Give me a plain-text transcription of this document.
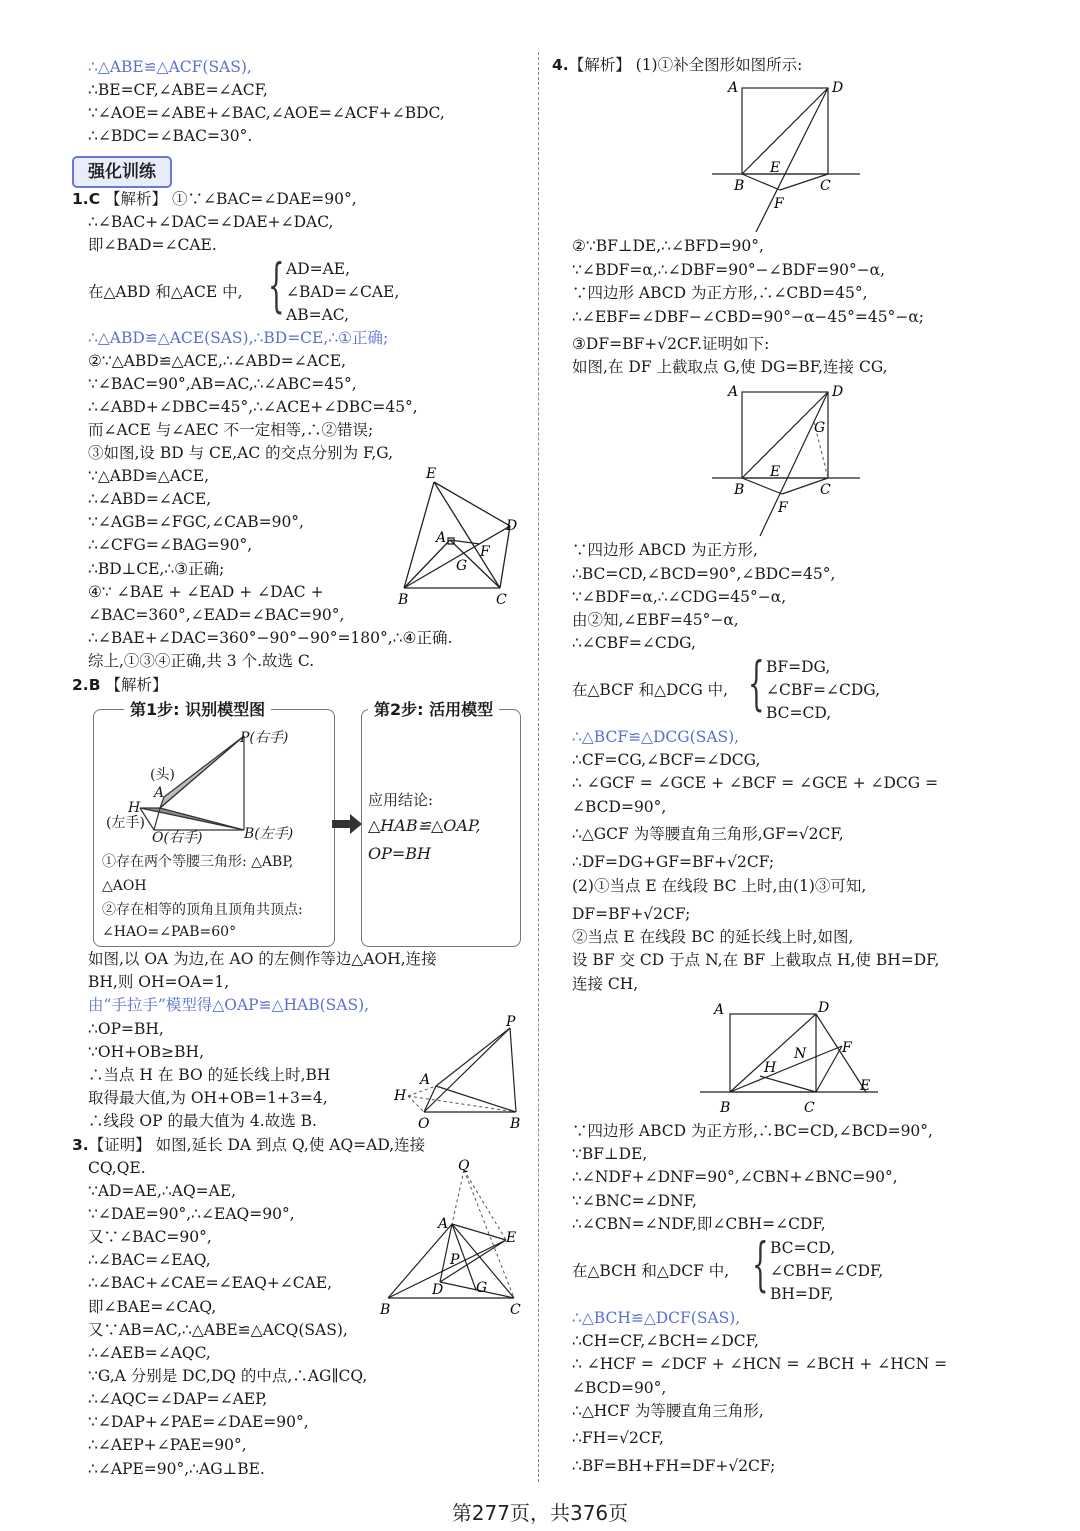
∴△ABE≌△ACF(SAS),
∴BE=CF,∠ABE=∠ACF,
∵∠AOE=∠ABE+∠BAC,∠AOE=∠ACF+∠BDC,
∴∠BDC=∠BAC=30°.
强化训练
1.C 【解析】 ①∵∠BAC=∠DAE=90°,
∴∠BAC+∠DAC=∠DAE+∠DAC,
即∠BAD=∠CAE.
AD=AE,
在△ABD 和△ACE 中, { ∠BAD=∠CAE,
AB=AC,
∴△ABD≌△ACE(SAS),∴BD=CE,∴①正确;
②∵△ABD≌△ACE,∴∠ABD=∠ACE,
∵∠BAC=90°,AB=AC,∴∠ABC=45°,
∴∠ABD+∠DBC=45°,∴∠ACE+∠DBC=45°,
而∠ACE 与∠AEC 不一定相等,∴②错误;
③如图,设 BD 与 CE,AC 的交点分别为 F,G,
∵△ABD≌△ACE,
∴∠ABD=∠ACE,
∵∠AGB=∠FGC,∠CAB=90°,
∴∠CFG=∠BAG=90°,
∴BD⊥CE,∴③正确;
④∵ ∠BAE + ∠EAD + ∠DAC +
∠BAC=360°,∠EAD=∠BAC=90°,
∴∠BAE+∠DAC=360°−90°−90°=180°,∴④正确.
综上,①③④正确,共 3 个.故选 C.
E
D
A
F
G
B	C
2.B 【解析】
第1步: 识别模型图
P(右手)
(头)
A
H
(左手)
O(右手)	B(左手)
①存在两个等腰三角形: △ABP,
△AOH
②存在相等的顶角且顶角共顶点:
∠HAO=∠PAB=60°
第2步: 活用模型
应用结论:
△HAB≌△OAP,
OP=BH
如图,以 OA 为边,在 AO 的左侧作等边△AOH,连接
BH,则 OH=OA=1,
由“手拉手”模型得△OAP≌△HAB(SAS),
∴OP=BH,
∵OH+OB≥BH,
∴当点 H 在 BO 的延长线上时,BH
取得最大值,为 OH+OB=1+3=4,
∴线段 OP 的最大值为 4.故选 B.
P
A
H
O	B
3.【证明】 如图,延长 DA 到点 Q,使 AQ=AD,连接
CQ,QE.
∵AD=AE,∴AQ=AE,
∵∠DAE=90°,∴∠EAQ=90°,
又∵∠BAC=90°,
∴∠BAC=∠EAQ,
∴∠BAC+∠CAE=∠EAQ+∠CAE,
即∠BAE=∠CAQ,
又∵AB=AC,∴△ABE≌△ACQ(SAS),
∴∠AEB=∠AQC,
∵G,A 分别是 DC,DQ 的中点,∴AG∥CQ,
∴∠AQC=∠DAP=∠AEP,
∵∠DAP+∠PAE=∠DAE=90°,
∴∠AEP+∠PAE=90°,
∴∠APE=90°,∴AG⊥BE.
Q
A
E
P
D G
B	C
4.【解析】 (1)①补全图形如图所示:
②∵BF⊥DE,∴∠BFD=90°,
∵∠BDF=α,∴∠DBF=90°−∠BDF=90°−α,
∵四边形 ABCD 为正方形,∴∠CBD=45°,
∴∠EBF=∠DBF−∠CBD=90°−α−45°=45°−α;
③DF=BF+√2CF.证明如下:
如图,在 DF 上截取点 G,使 DG=BF,连接 CG,
∵四边形 ABCD 为正方形,
∴BC=CD,∠BCD=90°,∠BDC=45°,
∵∠BDF=α,∴∠CDG=45°−α,
由②知,∠EBF=45°−α,
∴∠CBF=∠CDG,
BF=DG,
在△BCF 和△DCG 中, { ∠CBF=∠CDG,
BC=CD,
∴△BCF≌△DCG(SAS),
∴CF=CG,∠BCF=∠DCG,
∴ ∠GCF = ∠GCE + ∠BCF = ∠GCE + ∠DCG =
∠BCD=90°,
∴△GCF 为等腰直角三角形,GF=√2CF,
∴DF=DG+GF=BF+√2CF;
(2)①当点 E 在线段 BC 上时,由(1)③可知,
DF=BF+√2CF;
②当点 E 在线段 BC 的延长线上时,如图,
设 BF 交 CD 于点 N,在 BF 上截取点 H,使 BH=DF,
连接 CH,
∵四边形 ABCD 为正方形,∴BC=CD,∠BCD=90°,
∵BF⊥DE,
∴∠NDF+∠DNF=90°,∠CBN+∠BNC=90°,
∵∠BNC=∠DNF,
∴∠CBN=∠NDF,即∠CBH=∠CDF,
BC=CD,
在△BCH 和△DCF 中, { ∠CBH=∠CDF,
BH=DF,
∴△BCH≌△DCF(SAS),
∴CH=CF,∠BCH=∠DCF,
∴ ∠HCF = ∠DCF + ∠HCN = ∠BCH + ∠HCN =
∠BCD=90°,
∴△HCF 为等腰直角三角形,
∴FH=√2CF,
∴BF=BH+FH=DF+√2CF;
A	D
E
B	C
F
A	D
G
E
B	C
F
A	D
F
N
H
E
B	C
第277页，共376页
